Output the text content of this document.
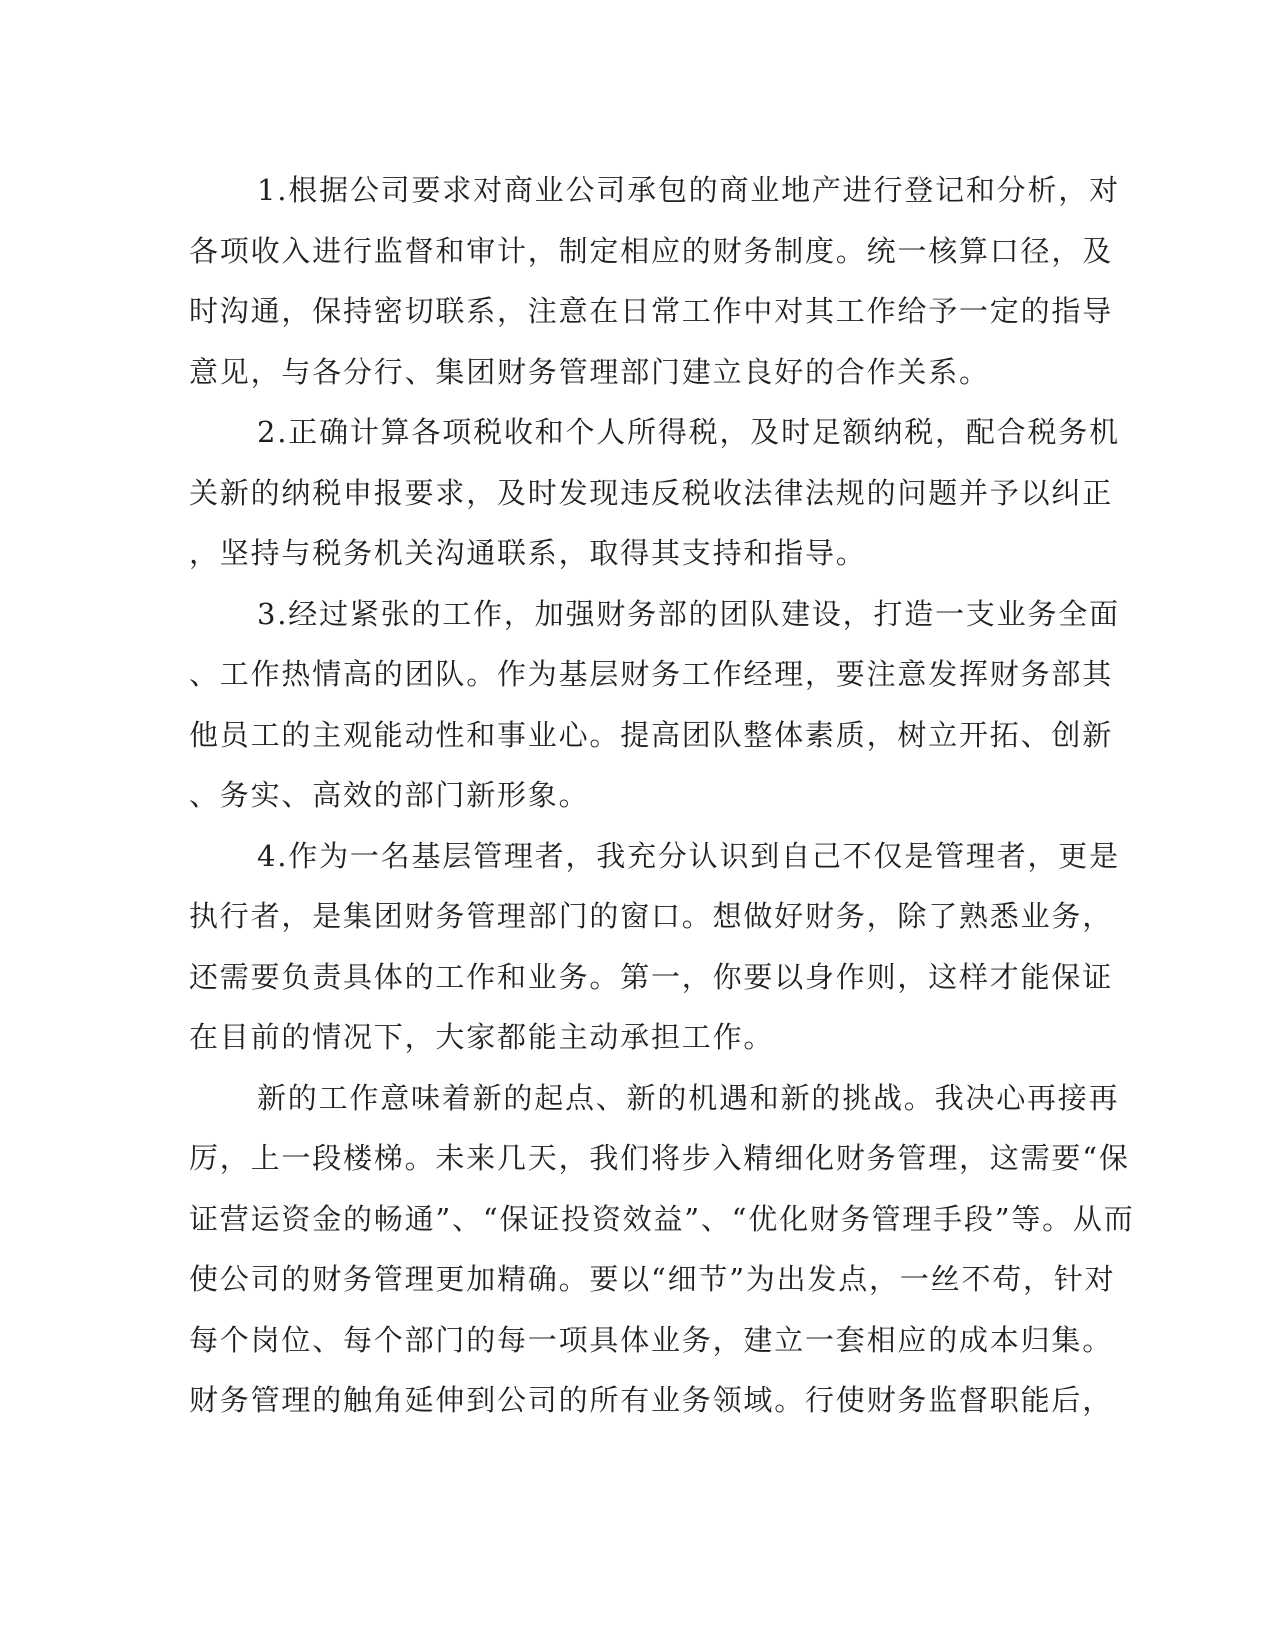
1.根据公司要求对商业公司承包的商业地产进行登记和分析，对
各项收入进行监督和审计，制定相应的财务制度。统一核算口径，及
时沟通，保持密切联系，注意在日常工作中对其工作给予一定的指导
意见，与各分行、集团财务管理部门建立良好的合作关系。
2.正确计算各项税收和个人所得税，及时足额纳税，配合税务机
关新的纳税申报要求，及时发现违反税收法律法规的问题并予以纠正
，坚持与税务机关沟通联系，取得其支持和指导。
3.经过紧张的工作，加强财务部的团队建设，打造一支业务全面
、工作热情高的团队。作为基层财务工作经理，要注意发挥财务部其
他员工的主观能动性和事业心。提高团队整体素质，树立开拓、创新
、务实、高效的部门新形象。
4.作为一名基层管理者，我充分认识到自己不仅是管理者，更是
执行者，是集团财务管理部门的窗口。想做好财务，除了熟悉业务，
还需要负责具体的工作和业务。第一，你要以身作则，这样才能保证
在目前的情况下，大家都能主动承担工作。
新的工作意味着新的起点、新的机遇和新的挑战。我决心再接再
厉，上一段楼梯。未来几天，我们将步入精细化财务管理，这需要“保
证营运资金的畅通”、“保证投资效益”、“优化财务管理手段”等。从而
使公司的财务管理更加精确。要以“细节”为出发点，一丝不苟，针对
每个岗位、每个部门的每一项具体业务，建立一套相应的成本归集。
财务管理的触角延伸到公司的所有业务领域。行使财务监督职能后，
